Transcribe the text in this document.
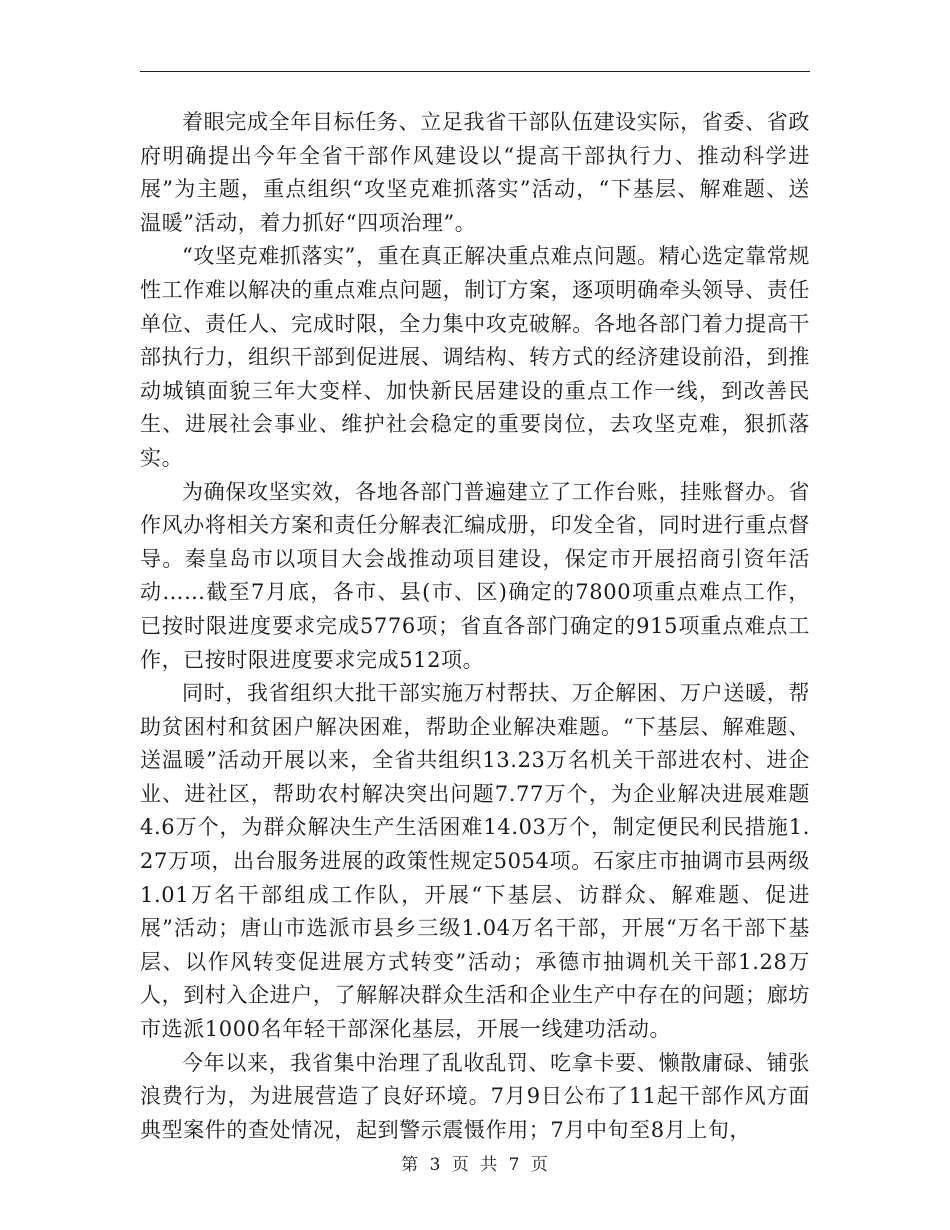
着眼完成全年目标任务、立足我省干部队伍建设实际，省委、省政府明确提出今年全省干部作风建设以“提高干部执行力、推动科学进展”为主题，重点组织“攻坚克难抓落实”活动，“下基层、解难题、送温暖”活动，着力抓好“四项治理”。

“攻坚克难抓落实”，重在真正解决重点难点问题。精心选定靠常规性工作难以解决的重点难点问题，制订方案，逐项明确牵头领导、责任单位、责任人、完成时限，全力集中攻克破解。各地各部门着力提高干部执行力，组织干部到促进展、调结构、转方式的经济建设前沿，到推动城镇面貌三年大变样、加快新民居建设的重点工作一线，到改善民生、进展社会事业、维护社会稳定的重要岗位，去攻坚克难，狠抓落实。

为确保攻坚实效，各地各部门普遍建立了工作台账，挂账督办。省作风办将相关方案和责任分解表汇编成册，印发全省，同时进行重点督导。秦皇岛市以项目大会战推动项目建设，保定市开展招商引资年活动……截至7月底，各市、县(市、区)确定的7800项重点难点工作，已按时限进度要求完成5776项；省直各部门确定的915项重点难点工作，已按时限进度要求完成512项。

同时，我省组织大批干部实施万村帮扶、万企解困、万户送暖，帮助贫困村和贫困户解决困难，帮助企业解决难题。“下基层、解难题、送温暖”活动开展以来，全省共组织13.23万名机关干部进农村、进企业、进社区，帮助农村解决突出问题7.77万个，为企业解决进展难题4.6万个，为群众解决生产生活困难14.03万个，制定便民利民措施1.27万项，出台服务进展的政策性规定5054项。石家庄市抽调市县两级1.01万名干部组成工作队，开展“下基层、访群众、解难题、促进展”活动；唐山市选派市县乡三级1.04万名干部，开展“万名干部下基层、以作风转变促进展方式转变”活动；承德市抽调机关干部1.28万人，到村入企进户，了解解决群众生活和企业生产中存在的问题；廊坊市选派1000名年轻干部深化基层，开展一线建功活动。

今年以来，我省集中治理了乱收乱罚、吃拿卡要、懒散庸碌、铺张浪费行为，为进展营造了良好环境。7月9日公布了11起干部作风方面典型案件的查处情况，起到警示震慑作用；7月中旬至8月上旬，

第 3 页 共 7 页
